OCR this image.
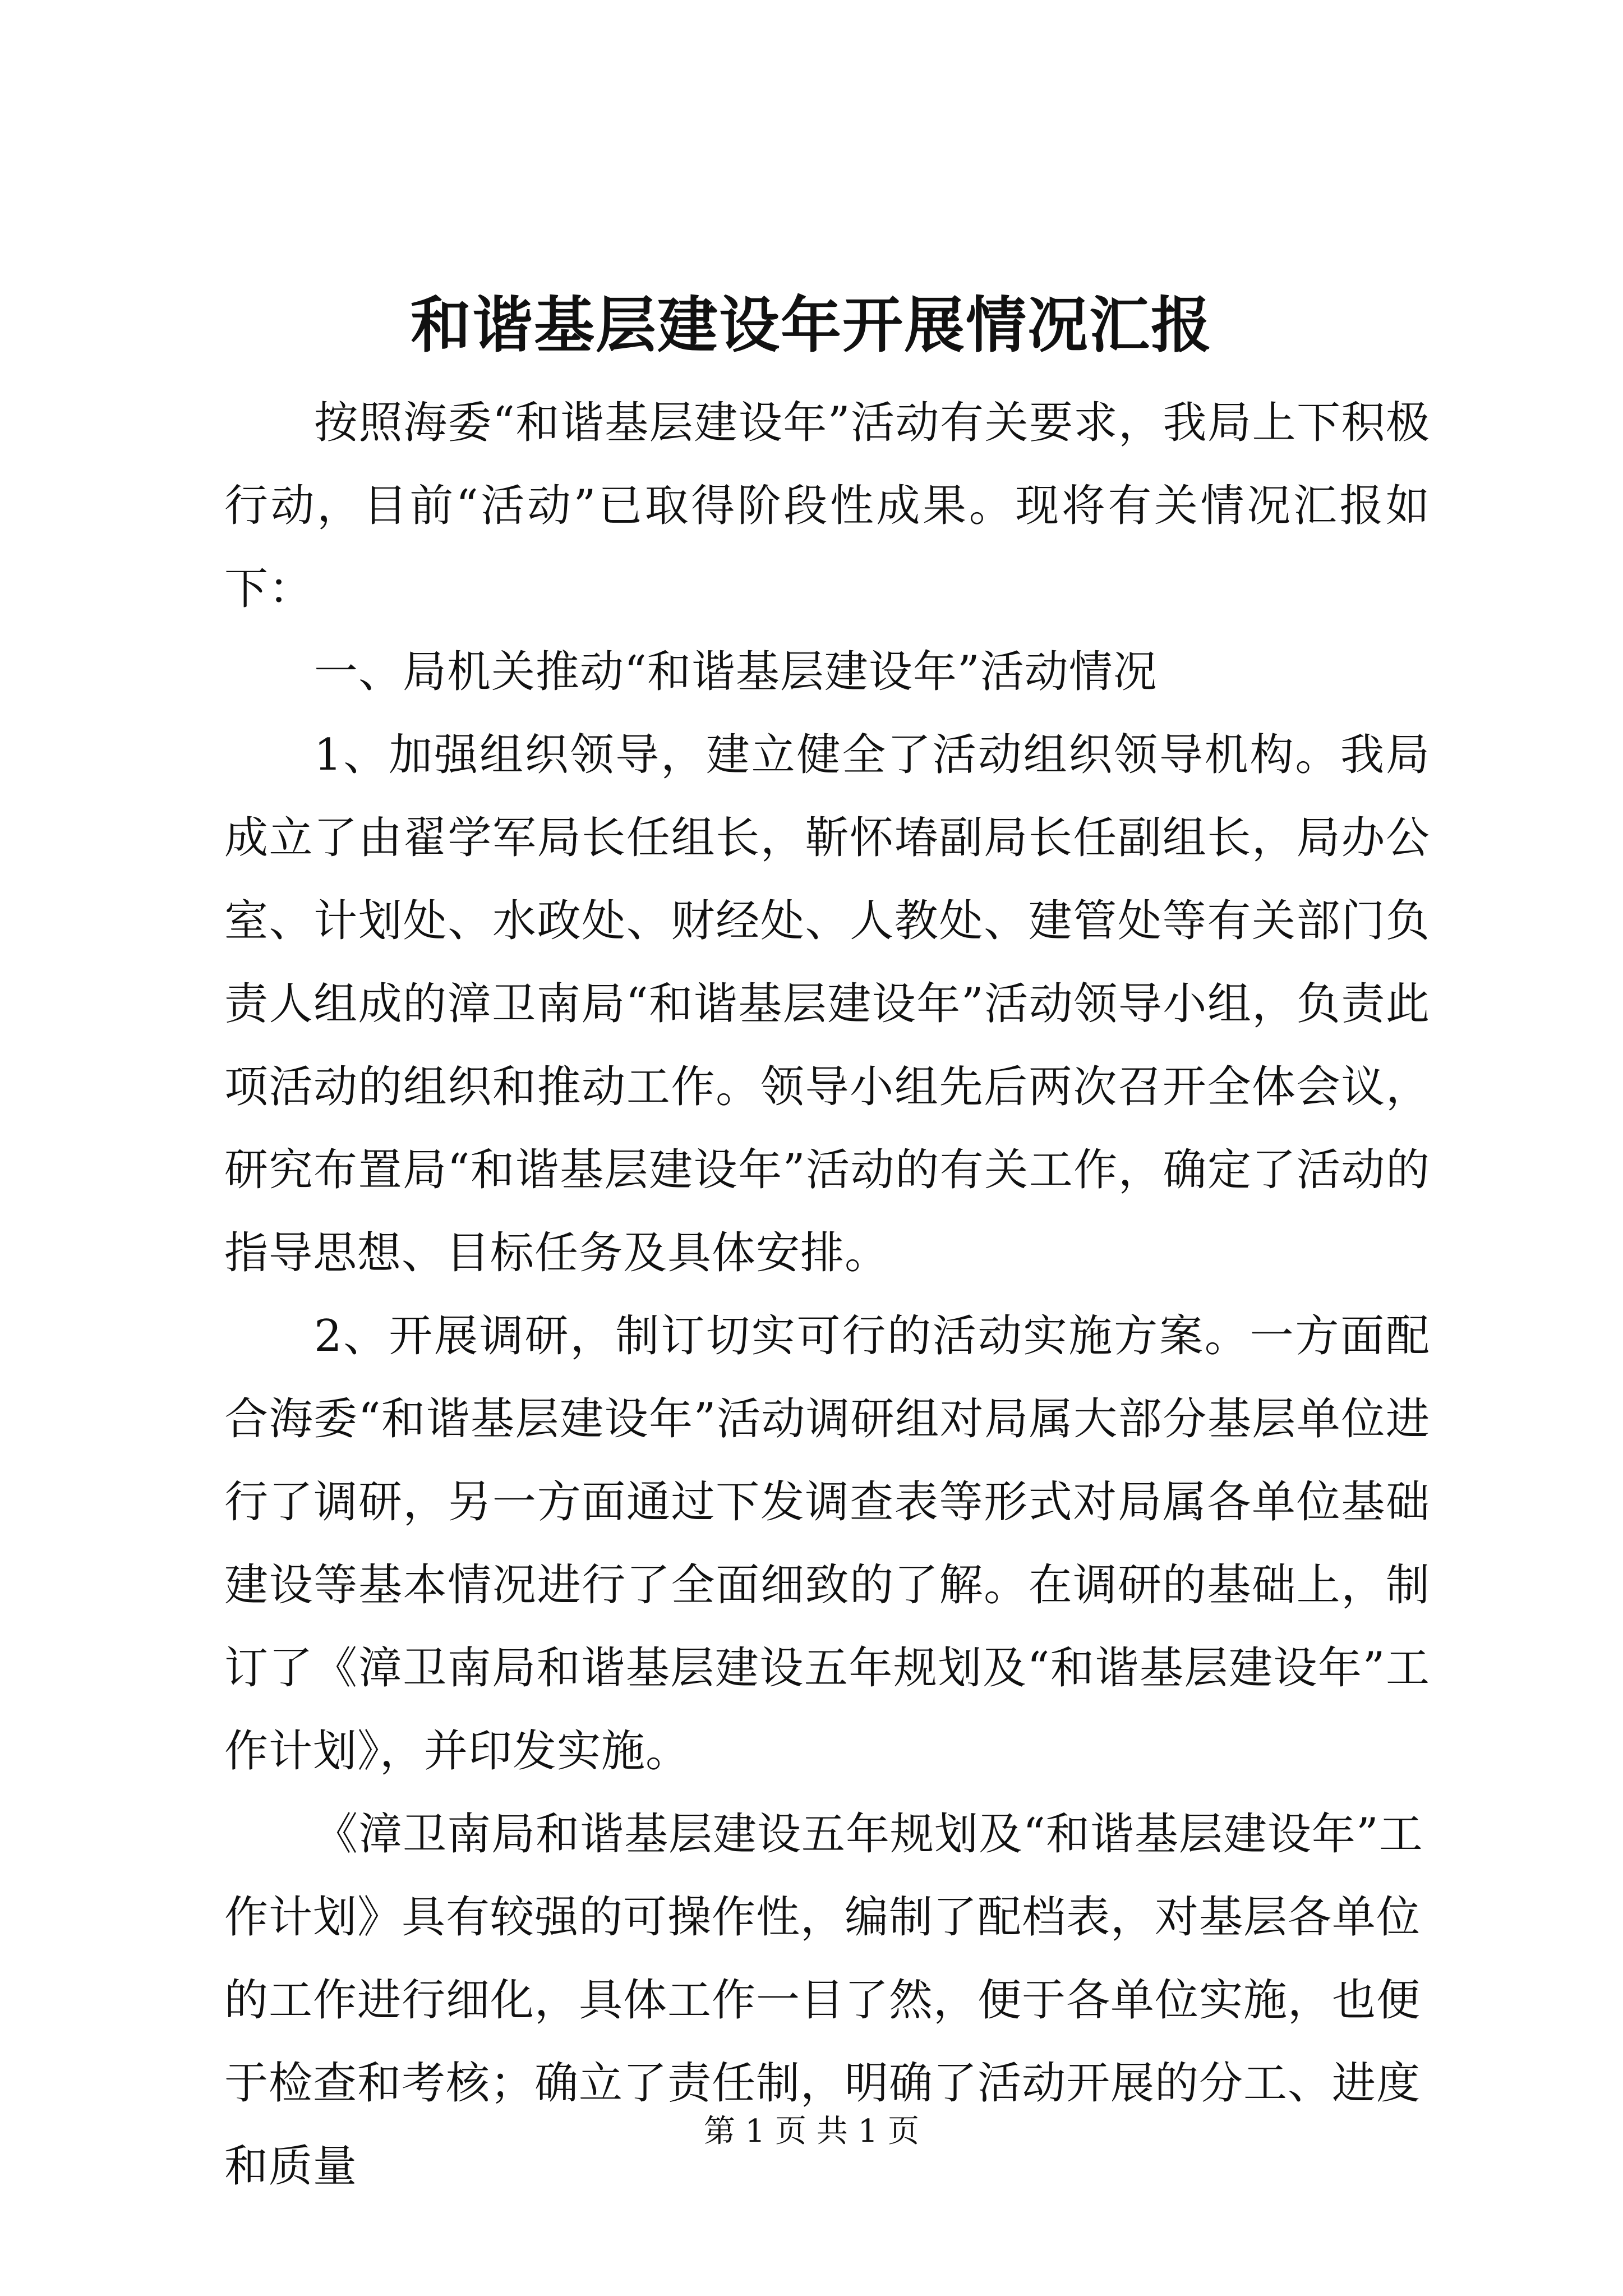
和谐基层建设年开展情况汇报

按照海委“和谐基层建设年”活动有关要求，我局上下积极行动，目前“活动”已取得阶段性成果。现将有关情况汇报如下：

一、局机关推动“和谐基层建设年”活动情况

1、加强组织领导，建立健全了活动组织领导机构。我局成立了由翟学军局长任组长，靳怀堾副局长任副组长，局办公室、计划处、水政处、财经处、人教处、建管处等有关部门负责人组成的漳卫南局“和谐基层建设年”活动领导小组，负责此项活动的组织和推动工作。领导小组先后两次召开全体会议，研究布置局“和谐基层建设年”活动的有关工作，确定了活动的指导思想、目标任务及具体安排。

2、开展调研，制订切实可行的活动实施方案。一方面配合海委“和谐基层建设年”活动调研组对局属大部分基层单位进行了调研，另一方面通过下发调查表等形式对局属各单位基础建设等基本情况进行了全面细致的了解。在调研的基础上，制订了《漳卫南局和谐基层建设五年规划及“和谐基层建设年”工作计划》，并印发实施。

《漳卫南局和谐基层建设五年规划及“和谐基层建设年”工作计划》具有较强的可操作性，编制了配档表，对基层各单位的工作进行细化，具体工作一目了然，便于各单位实施，也便于检查和考核；确立了责任制，明确了活动开展的分工、进度和质量

第 1 页 共 1 页
